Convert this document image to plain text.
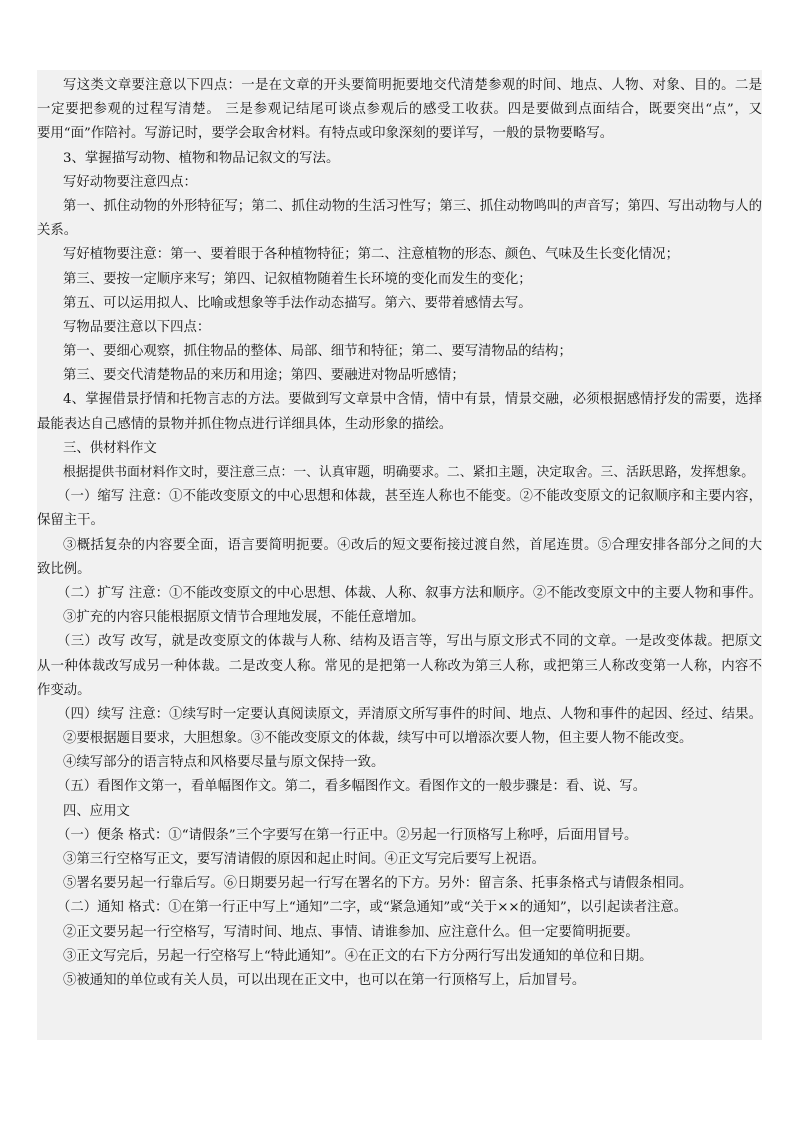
写这类文章要注意以下四点：一是在文章的开头要简明扼要地交代清楚参观的时间、地点、人物、对象、目的。二是
一定要把参观的过程写清楚。 三是参观记结尾可谈点参观后的感受工收获。四是要做到点面结合，既要突出“点”，又
要用“面”作陪衬。写游记时，要学会取舍材料。有特点或印象深刻的要详写，一般的景物要略写。
3、掌握描写动物、植物和物品记叙文的写法。
写好动物要注意四点：
第一、抓住动物的外形特征写；第二、抓住动物的生活习性写；第三、抓住动物鸣叫的声音写；第四、写出动物与人的
关系。
写好植物要注意：第一、要着眼于各种植物特征；第二、注意植物的形态、颜色、气味及生长变化情况；
第三、要按一定顺序来写；第四、记叙植物随着生长环境的变化而发生的变化；
第五、可以运用拟人、比喻或想象等手法作动态描写。第六、要带着感情去写。
写物品要注意以下四点：
第一、要细心观察，抓住物品的整体、局部、细节和特征；第二、要写清物品的结构；
第三、要交代清楚物品的来历和用途；第四、要融进对物品听感情；
4、掌握借景抒情和托物言志的方法。要做到写文章景中含情，情中有景，情景交融，必须根据感情抒发的需要，选择
最能表达自己感情的景物并抓住物点进行详细具体，生动形象的描绘。
三、供材料作文
根据提供书面材料作文时，要注意三点：一、认真审题，明确要求。二、紧扣主题，决定取舍。三、活跃思路，发挥想象。
（一）缩写 注意：①不能改变原文的中心思想和体裁，甚至连人称也不能变。②不能改变原文的记叙顺序和主要内容，
保留主干。
③概括复杂的内容要全面，语言要简明扼要。④改后的短文要衔接过渡自然，首尾连贯。⑤合理安排各部分之间的大
致比例。
（二）扩写 注意：①不能改变原文的中心思想、体裁、人称、叙事方法和顺序。②不能改变原文中的主要人物和事件。
③扩充的内容只能根据原文情节合理地发展，不能任意增加。
（三）改写 改写，就是改变原文的体裁与人称、结构及语言等，写出与原文形式不同的文章。一是改变体裁。把原文
从一种体裁改写成另一种体裁。二是改变人称。常见的是把第一人称改为第三人称，或把第三人称改变第一人称，内容不
作变动。
（四）续写 注意：①续写时一定要认真阅读原文，弄清原文所写事件的时间、地点、人物和事件的起因、经过、结果。
②要根据题目要求，大胆想象。③不能改变原文的体裁，续写中可以增添次要人物，但主要人物不能改变。
④续写部分的语言特点和风格要尽量与原文保持一致。
（五）看图作文第一，看单幅图作文。第二，看多幅图作文。看图作文的一般步骤是：看、说、写。
四、应用文
（一）便条 格式：①“请假条”三个字要写在第一行正中。②另起一行顶格写上称呼，后面用冒号。
③第三行空格写正文，要写清请假的原因和起止时间。④正文写完后要写上祝语。
⑤署名要另起一行靠后写。⑥日期要另起一行写在署名的下方。另外：留言条、托事条格式与请假条相同。
（二）通知 格式：①在第一行正中写上“通知”二字，或“紧急通知”或“关于××的通知”，以引起读者注意。
②正文要另起一行空格写，写清时间、地点、事情、请谁参加、应注意什么。但一定要简明扼要。
③正文写完后，另起一行空格写上“特此通知”。④在正文的右下方分两行写出发通知的单位和日期。
⑤被通知的单位或有关人员，可以出现在正文中，也可以在第一行顶格写上，后加冒号。
